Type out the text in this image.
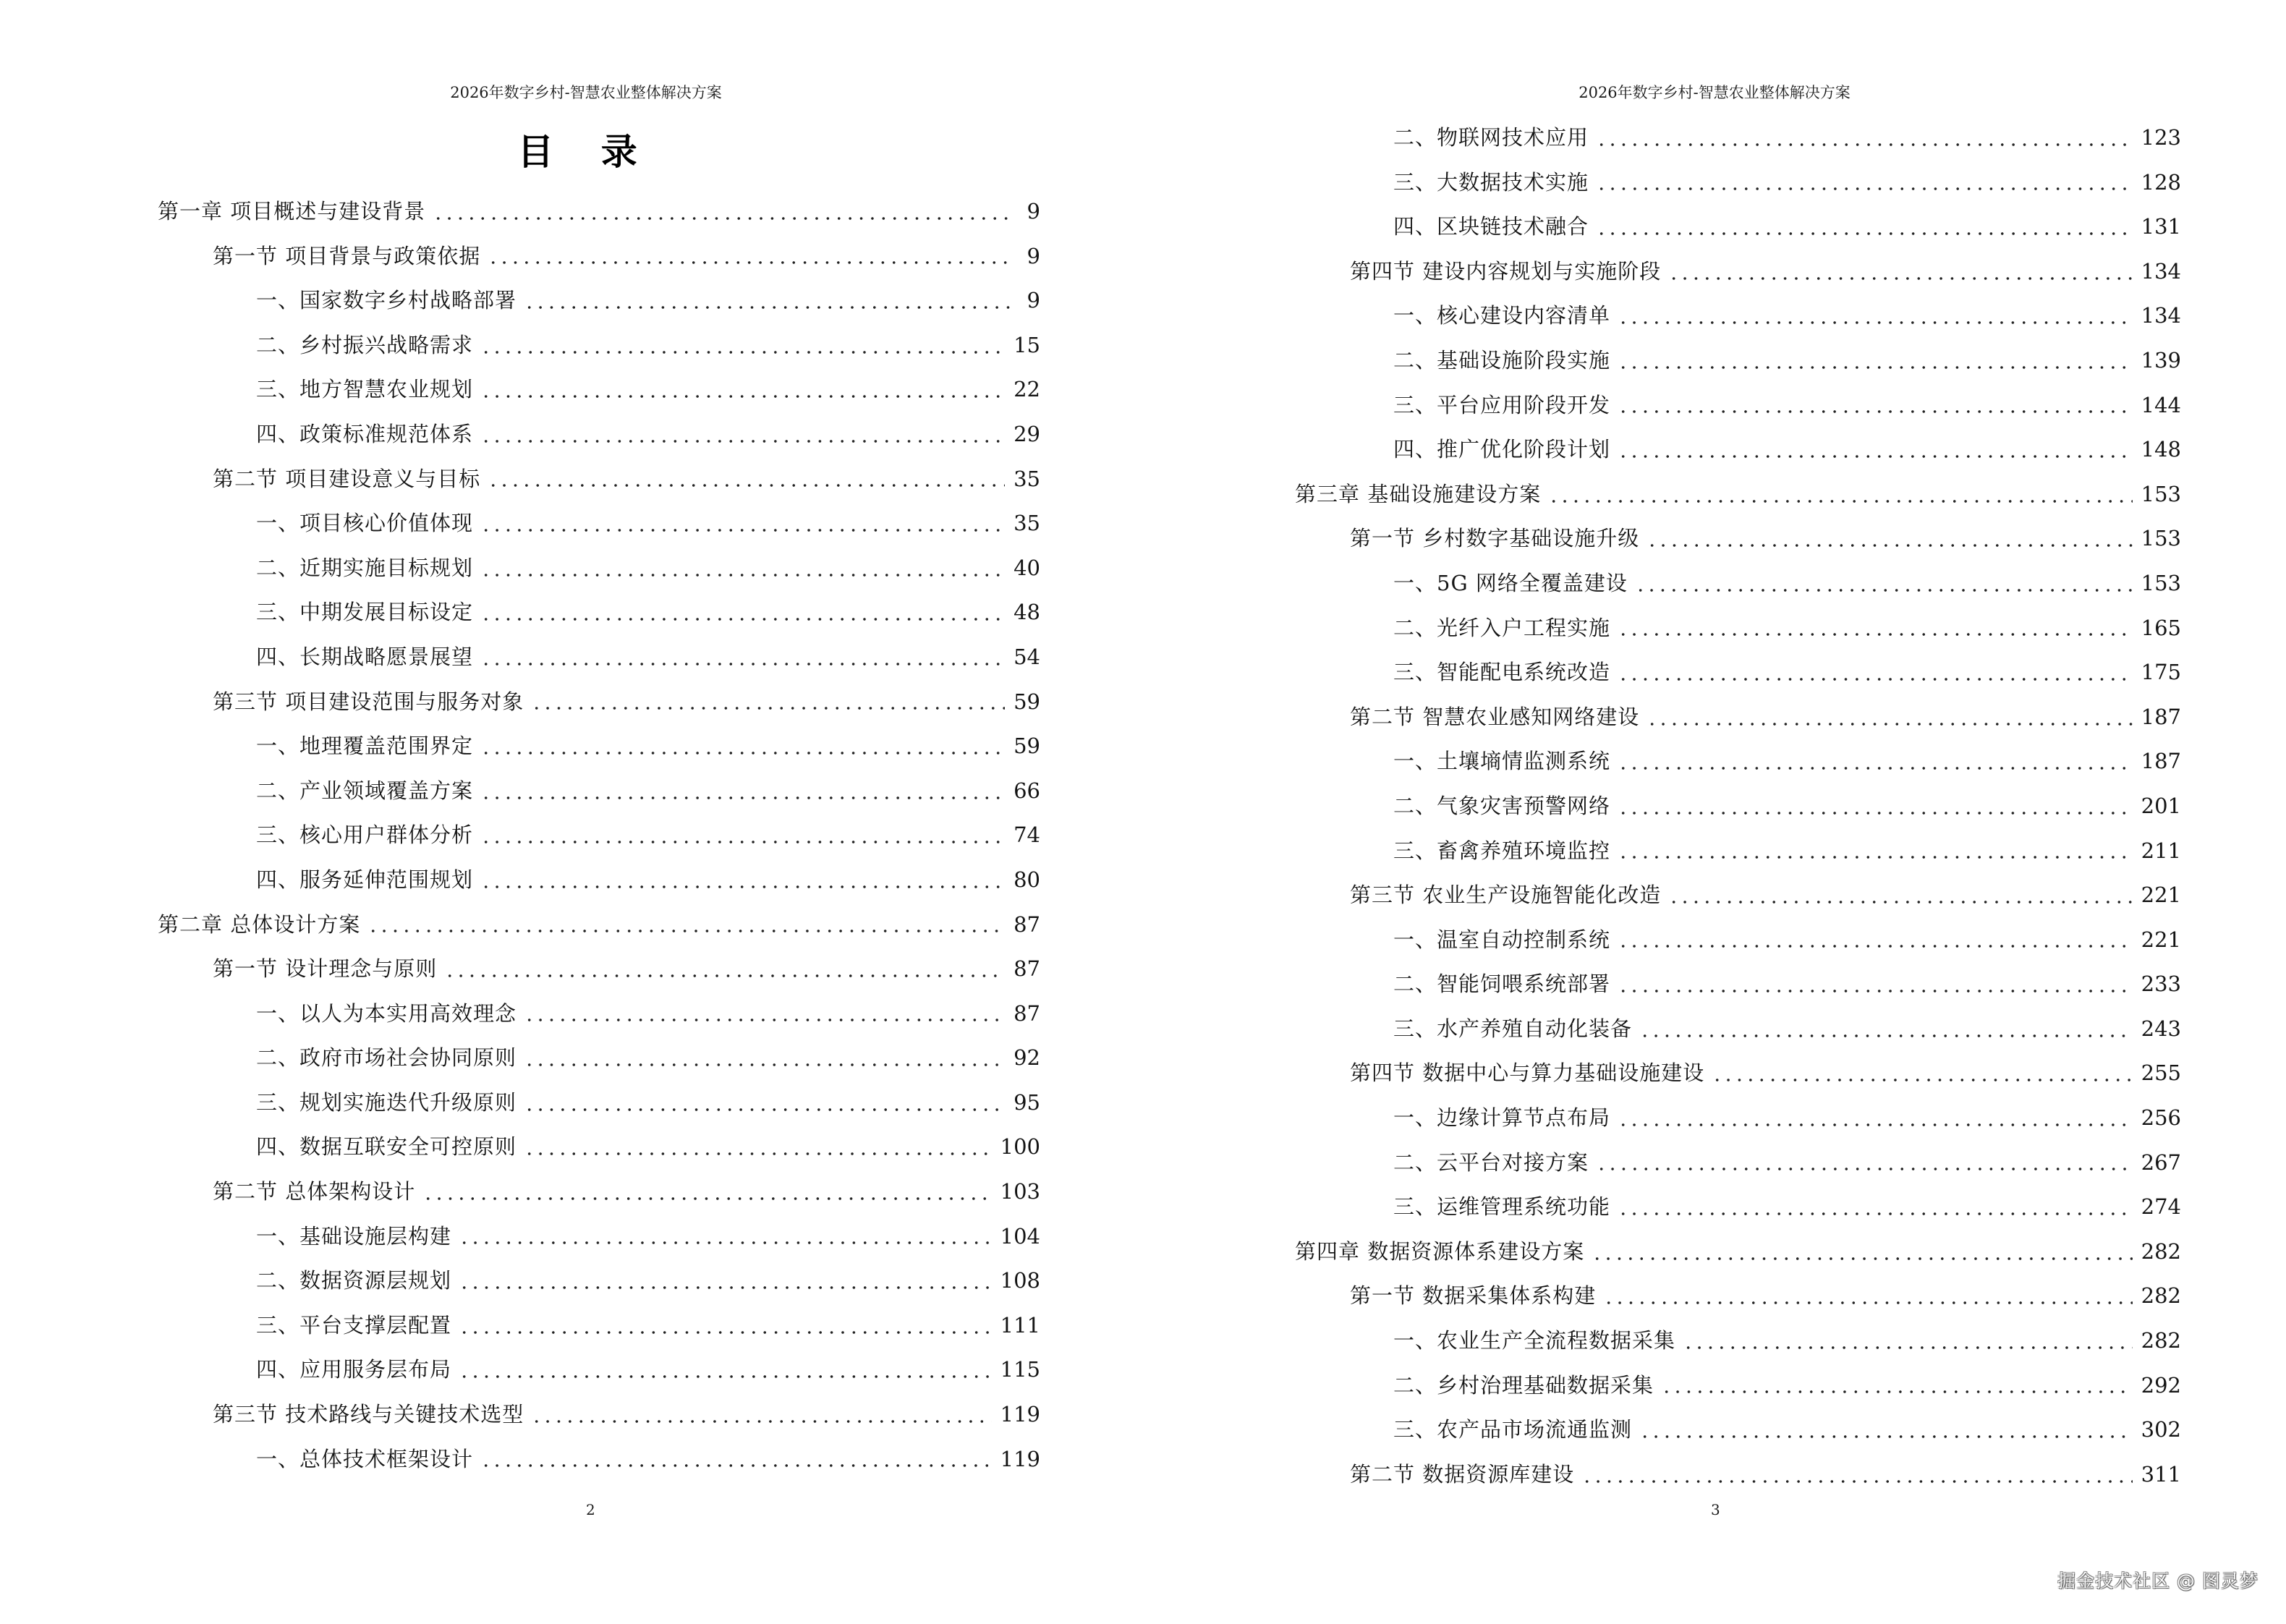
2026年数字乡村-智慧农业整体解决方案
目 录
第一章 项目概述与建设背景	9
第一节 项目背景与政策依据	9
一、国家数字乡村战略部署	9
二、乡村振兴战略需求	15
三、地方智慧农业规划	22
四、政策标准规范体系	29
第二节 项目建设意义与目标	35
一、项目核心价值体现	35
二、近期实施目标规划	40
三、中期发展目标设定	48
四、长期战略愿景展望	54
第三节 项目建设范围与服务对象	59
一、地理覆盖范围界定	59
二、产业领域覆盖方案	66
三、核心用户群体分析	74
四、服务延伸范围规划	80
第二章 总体设计方案	87
第一节 设计理念与原则	87
一、以人为本实用高效理念	87
二、政府市场社会协同原则	92
三、规划实施迭代升级原则	95
四、数据互联安全可控原则	100
第二节 总体架构设计	103
一、基础设施层构建	104
二、数据资源层规划	108
三、平台支撑层配置	111
四、应用服务层布局	115
第三节 技术路线与关键技术选型	119
一、总体技术框架设计	119
2
2026年数字乡村-智慧农业整体解决方案
二、物联网技术应用	123
三、大数据技术实施	128
四、区块链技术融合	131
第四节 建设内容规划与实施阶段	134
一、核心建设内容清单	134
二、基础设施阶段实施	139
三、平台应用阶段开发	144
四、推广优化阶段计划	148
第三章 基础设施建设方案	153
第一节 乡村数字基础设施升级	153
一、5G 网络全覆盖建设	153
二、光纤入户工程实施	165
三、智能配电系统改造	175
第二节 智慧农业感知网络建设	187
一、土壤墒情监测系统	187
二、气象灾害预警网络	201
三、畜禽养殖环境监控	211
第三节 农业生产设施智能化改造	221
一、温室自动控制系统	221
二、智能饲喂系统部署	233
三、水产养殖自动化装备	243
第四节 数据中心与算力基础设施建设	255
一、边缘计算节点布局	256
二、云平台对接方案	267
三、运维管理系统功能	274
第四章 数据资源体系建设方案	282
第一节 数据采集体系构建	282
一、农业生产全流程数据采集	282
二、乡村治理基础数据采集	292
三、农产品市场流通监测	302
第二节 数据资源库建设	311
3
掘金技术社区 @ 图灵梦
